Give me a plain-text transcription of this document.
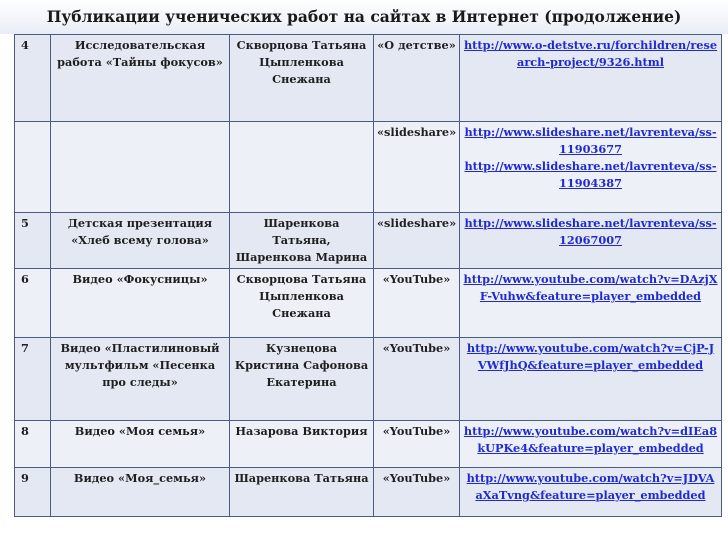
Публикации ученических работ на сайтах в Интернет (продолжение)
4	Исследовательская работа «Тайны фокусов»	Скворцова Татьяна Цыпленкова Снежана	«О детстве»	http://www.o-detstve.ru/forchildren/research-project/9326.html

			«slideshare»	http://www.slideshare.net/lavrenteva/ss-11903677
http://www.slideshare.net/lavrenteva/ss-11904387

5	Детская презентация «Хлеб всему голова»	Шаренкова Татьяна, Шаренкова Марина	«slideshare»	http://www.slideshare.net/lavrenteva/ss-12067007

6	Видео «Фокусницы»	Скворцова Татьяна Цыпленкова Снежана	«YouTube»	http://www.youtube.com/watch?v=DAzjXF-Vuhw&feature=player_embedded

7	Видео «Пластилиновый мультфильм «Песенка про следы»	Кузнецова Кристина Сафонова Екатерина	«YouTube»	http://www.youtube.com/watch?v=CjP-JVWfJhQ&feature=player_embedded

8	Видео «Моя семья»	Назарова Виктория	«YouTube»	http://www.youtube.com/watch?v=dIEa8kUPKe4&feature=player_embedded

9	Видео «Моя_семья»	Шаренкова Татьяна	«YouTube»	http://www.youtube.com/watch?v=JDVAaXaTvng&feature=player_embedded
